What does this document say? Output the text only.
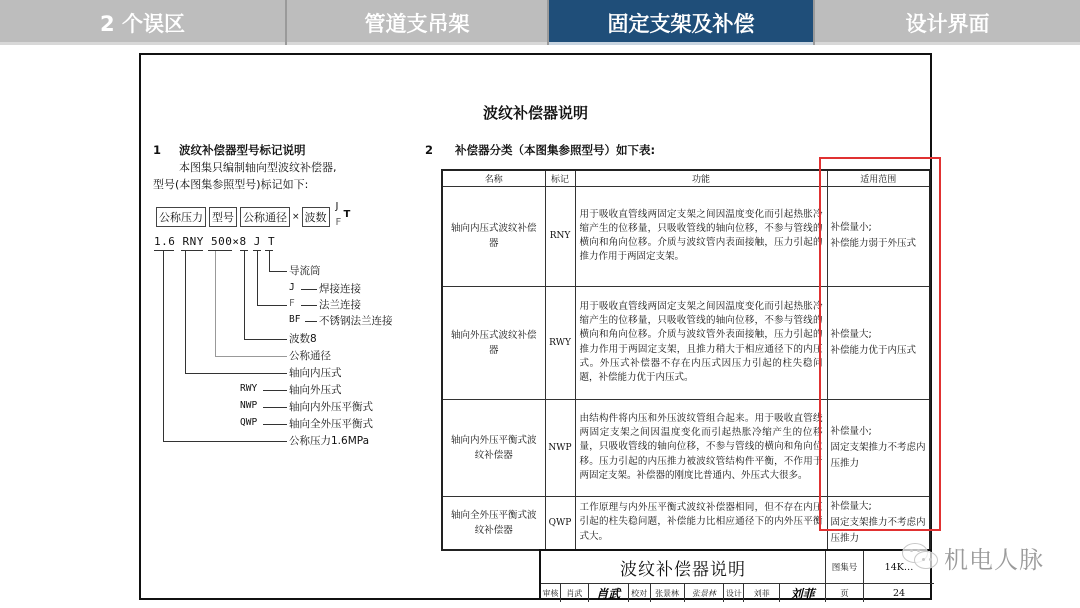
2 个误区	管道支吊架	固定支架及补偿	设计界面
波纹补偿器说明
1 波纹补偿器型号标记说明
本图集只编制轴向型波纹补偿器,
型号(本图集参照型号)标记如下:
公称压力 型号 公称通径 × 波数
J
F
T
1.6 RNY 500×8 J T
导流筒
J 焊接连接
F 法兰连接
BF 不锈钢法兰连接
波数8
公称通径
轴向内压式
RWY	轴向外压式
NWP	轴向内外压平衡式
QWP	轴向全外压平衡式
公称压力1.6MPa
2 补偿器分类（本图集参照型号）如下表:
名称	标记	功能	适用范围
轴向内压式波纹补偿器	RNY	用于吸收直管线两固定支架之间因温度变化而引起热胀冷缩产生的位移量，只吸收管线的轴向位移，不参与管线的横向和角向位移。介质与波纹管内表面接触，压力引起的推力作用于两固定支架。	补偿量小;
补偿能力弱于外压式

轴向外压式波纹补偿器	RWY	用于吸收直管线两固定支架之间因温度变化而引起热胀冷缩产生的位移量，只吸收管线的轴向位移，不参与管线的横向和角向位移。介质与波纹管外表面接触，压力引起的推力作用于两固定支架，且推力稍大于相应通径下的内压式。外压式补偿器不存在内压式因压力引起的柱失稳问题，补偿能力优于内压式。	补偿量大;
补偿能力优于内压式

轴向内外压平衡式波纹补偿器	NWP	由结构件将内压和外压波纹管组合起来。用于吸收直管线两固定支架之间因温度变化而引起热胀冷缩产生的位移量，只吸收管线的轴向位移，不参与管线的横向和角向位移。压力引起的内压推力被波纹管结构件平衡，不作用于两固定支架。补偿器的刚度比普通内、外压式大很多。	补偿量小;
固定支架推力不考虑内压推力

轴向全外压平衡式波纹补偿器	QWP	工作原理与内外压平衡式波纹补偿器相同，但不存在内压引起的柱失稳问题，补偿能力比相应通径下的内外压平衡式大。	补偿量大;
固定支架推力不考虑内压推力
波纹补偿器说明	图集号	14K…
审核 肖武	肖武	校对 张景林	张景林	设计	刘菲	刘菲	页	24
机电人脉
